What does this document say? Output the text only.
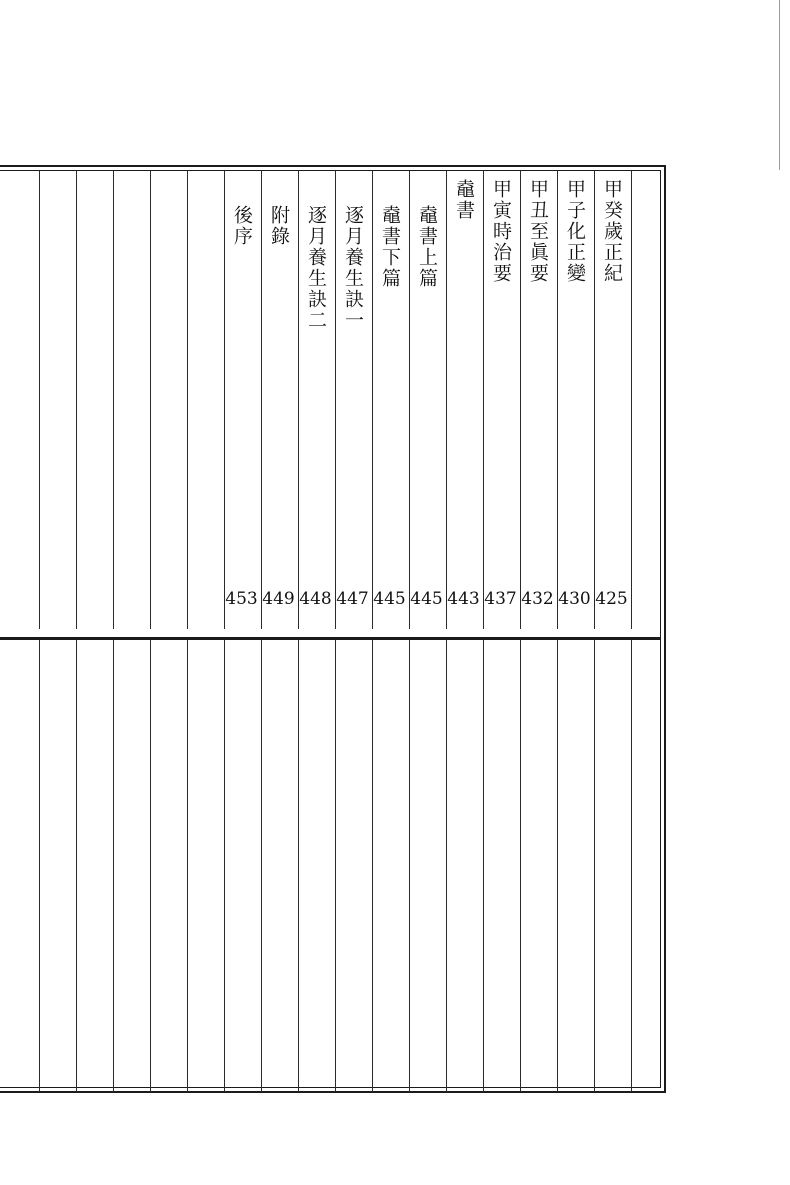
甲癸歲正紀
425
甲子化正變
430
甲丑至眞要
432
甲寅時治要
437
鼀書
443
鼀書上篇
445
鼀書下篇
445
逐月養生訣一
447
逐月養生訣二
448
附錄
449
後序
453
